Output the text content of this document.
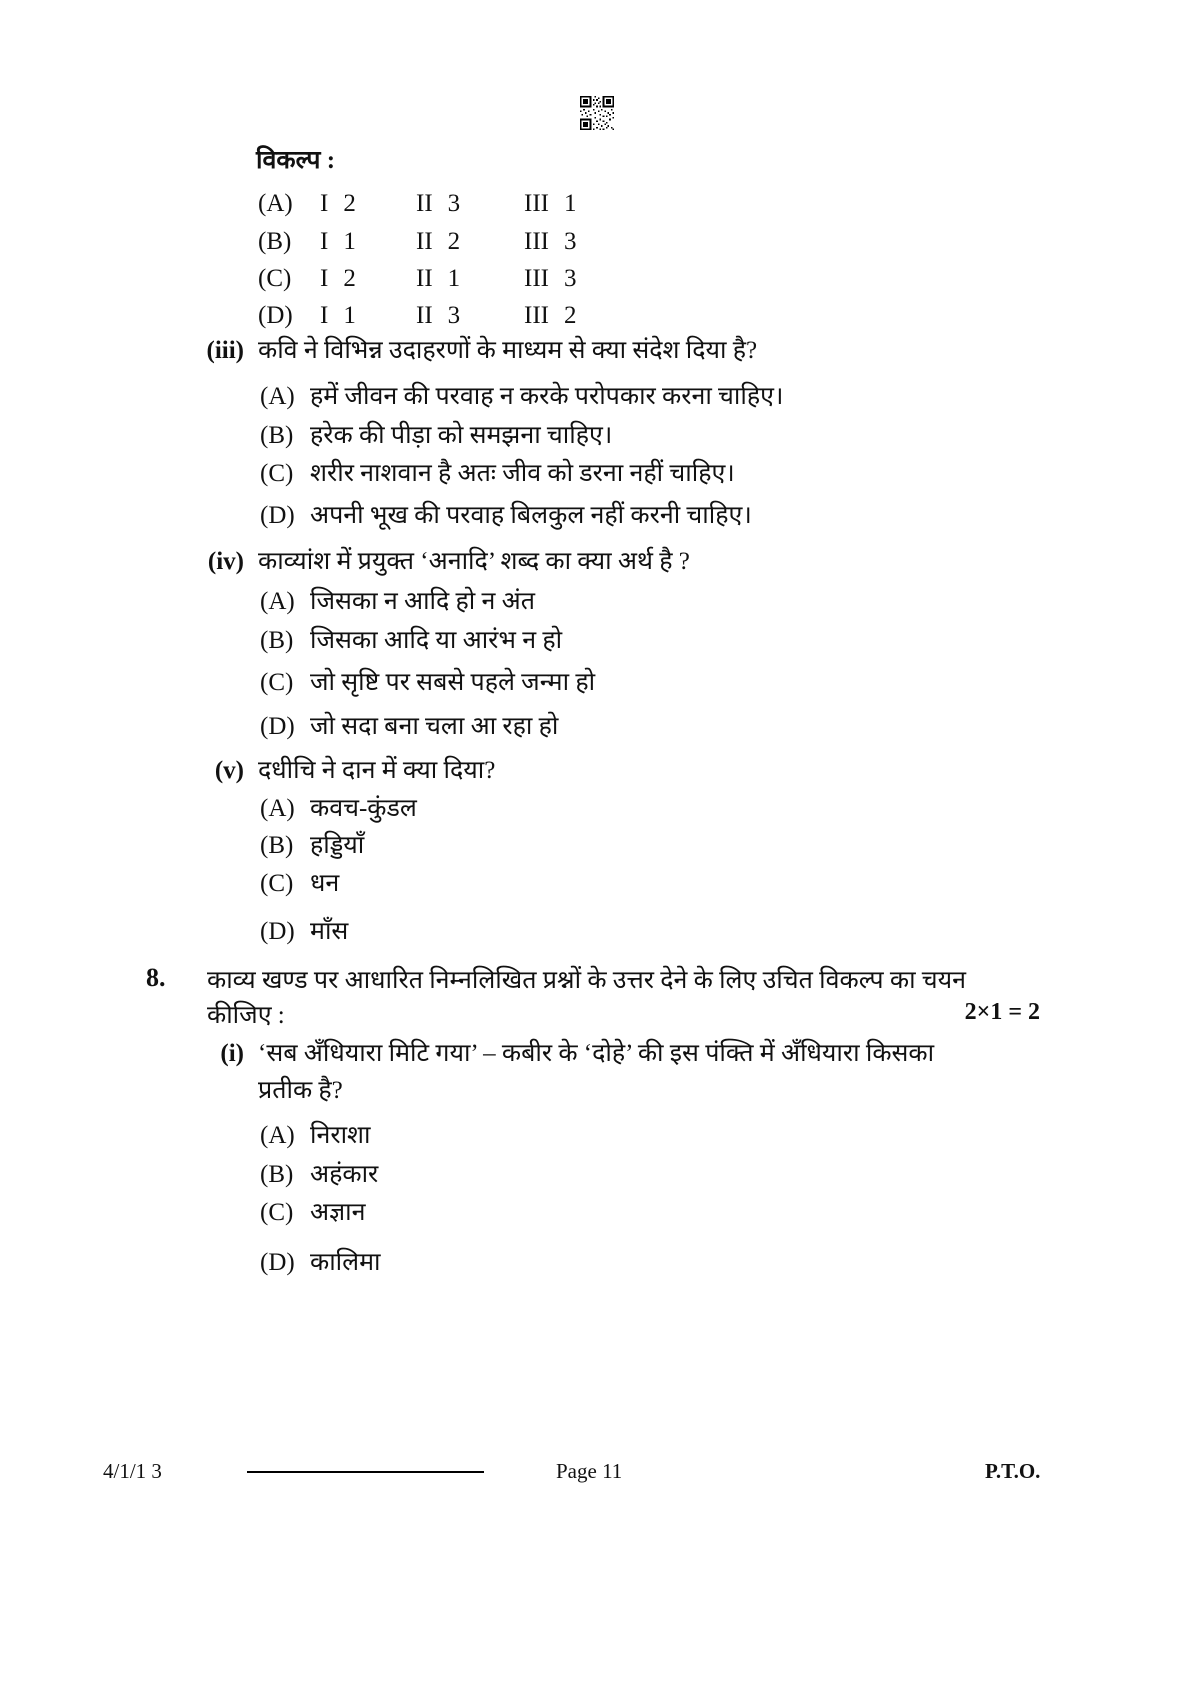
विकल्प :
(A)	I 2 II 3	III 1
(B)	I 1 II 2	III 3
(C)	I 2 II 1	III 3
(D)	I 1 II 3	III 2
(iii) कवि ने विभिन्न उदाहरणों के माध्यम से क्या संदेश दिया है?
(A) हमें जीवन की परवाह न करके परोपकार करना चाहिए।
(B) हरेक की पीड़ा को समझना चाहिए।
(C) शरीर नाशवान है अतः जीव को डरना नहीं चाहिए।
(D) अपनी भूख की परवाह बिलकुल नहीं करनी चाहिए।
(iv) काव्यांश में प्रयुक्त ‘अनादि’ शब्द का क्या अर्थ है ?
(A) जिसका न आदि हो न अंत
(B) जिसका आदि या आरंभ न हो
(C) जो सृष्टि पर सबसे पहले जन्मा हो
(D) जो सदा बना चला आ रहा हो
(v) दधीचि ने दान में क्या दिया?
(A) कवच-कुंडल
(B) हड्डियाँ
(C) धन
(D) माँस
8. काव्य खण्ड पर आधारित निम्नलिखित प्रश्नों के उत्तर देने के लिए उचित विकल्प का चयन
कीजिए :	2×1 = 2
(i) ‘सब अँधियारा मिटि गया’ – कबीर के ‘दोहे’ की इस पंक्ति में अँधियारा किसका
प्रतीक है?
(A) निराशा
(B) अहंकार
(C) अज्ञान
(D) कालिमा
4/1/1 3	Page 11	P.T.O.
